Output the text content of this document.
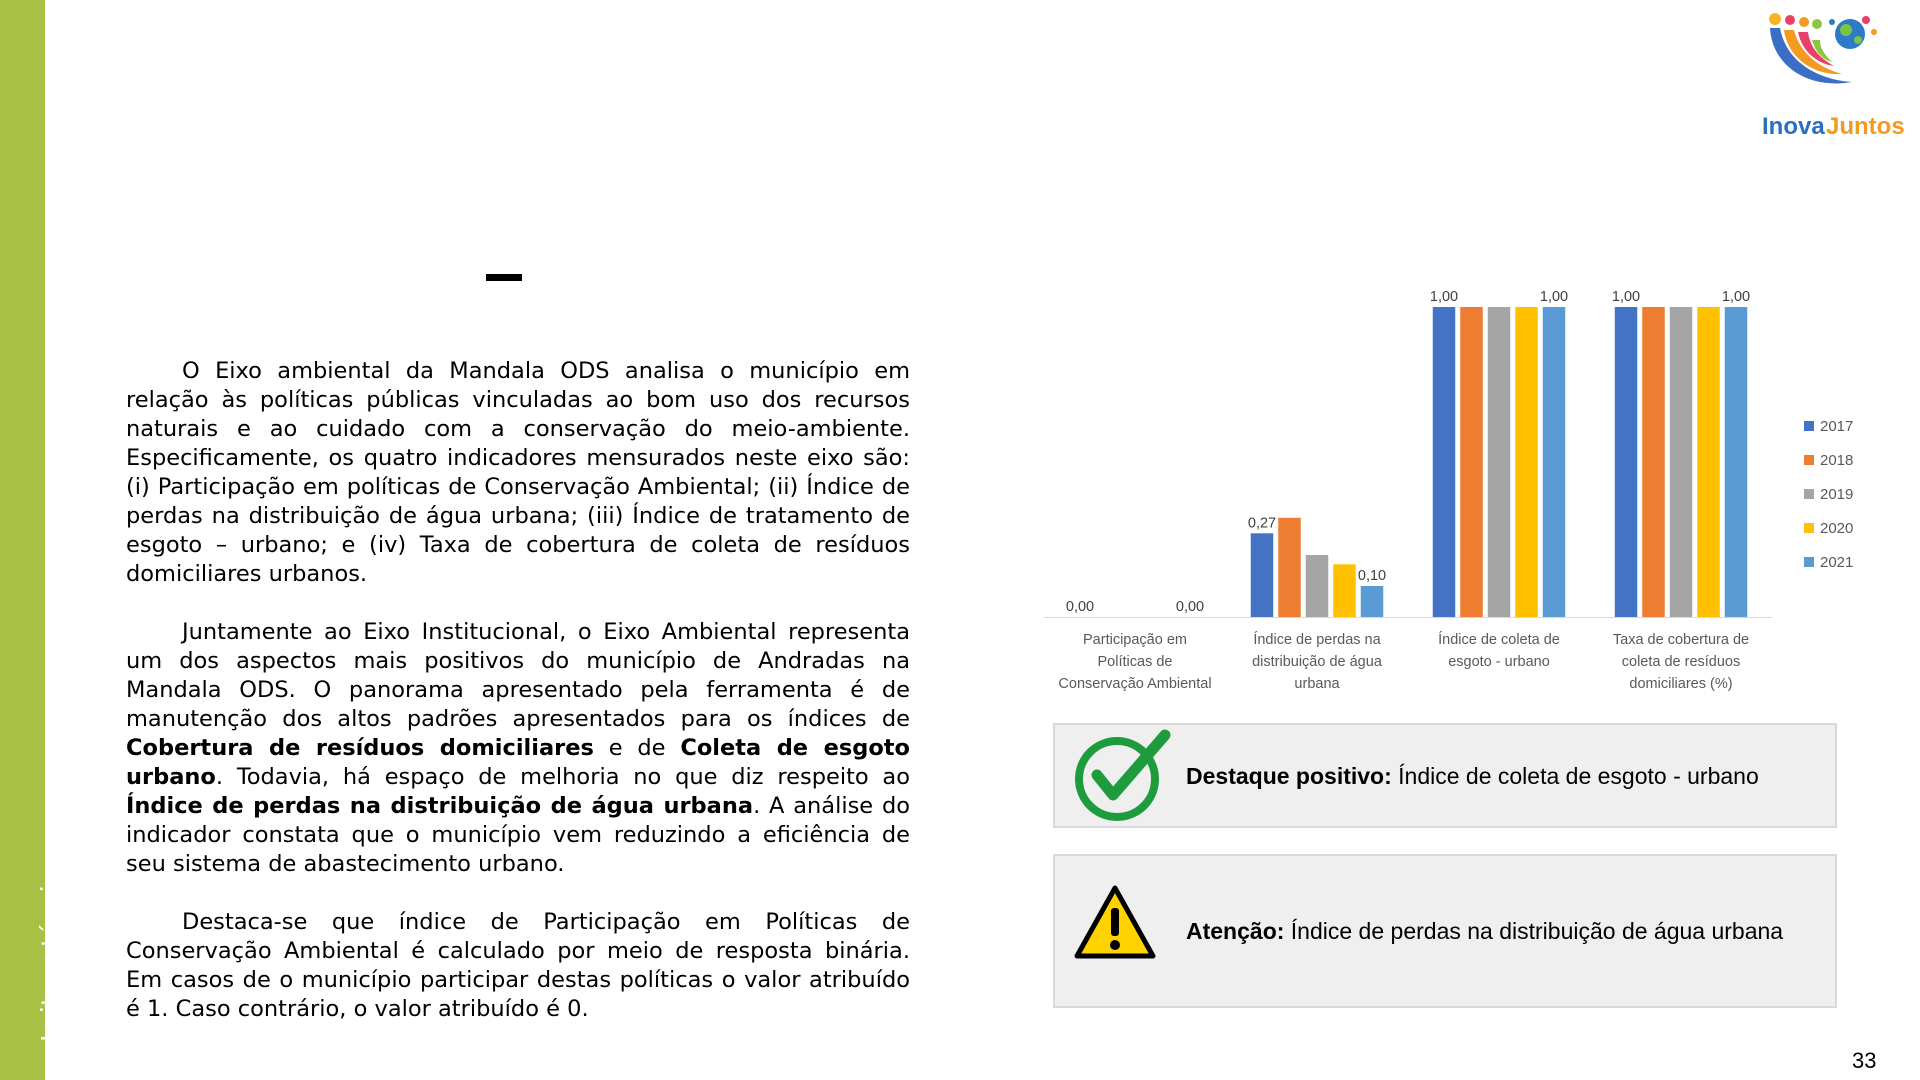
Leitura técnica
Inova Juntos

O Eixo ambiental da Mandala ODS analisa o município em relação às políticas públicas vinculadas ao bom uso dos recursos naturais e ao cuidado com a conservação do meio-ambiente. Especificamente, os quatro indicadores mensurados neste eixo são: (i) Participação em políticas de Conservação Ambiental; (ii) Índice de perdas na distribuição de água urbana; (iii) Índice de tratamento de esgoto – urbano; e (iv) Taxa de cobertura de coleta de resíduos domiciliares urbanos.

Juntamente ao Eixo Institucional, o Eixo Ambiental representa um dos aspectos mais positivos do município de Andradas na Mandala ODS. O panorama apresentado pela ferramenta é de manutenção dos altos padrões apresentados para os índices de Cobertura de resíduos domiciliares e de Coleta de esgoto urbano. Todavia, há espaço de melhoria no que diz respeito ao Índice de perdas na distribuição de água urbana. A análise do indicador constata que o município vem reduzindo a eficiência de seu sistema de abastecimento urbano.

Destaca-se que índice de Participação em Políticas de Conservação Ambiental é calculado por meio de resposta binária. Em casos de o município participar destas políticas o valor atribuído é 1. Caso contrário, o valor atribuído é 0.

Participação em Políticas de Conservação Ambiental
Índice de perdas na distribuição de água urbana
Índice de coleta de esgoto - urbano
Taxa de cobertura de coleta de resíduos domiciliares (%)
0,00	0,00
0,27
0,10
1,00	1,00	1,00	1,00
2017
2018
2019
2020
2021
Destaque positivo: Índice de coleta de esgoto - urbano
Atenção: Índice de perdas na distribuição de água urbana
33
